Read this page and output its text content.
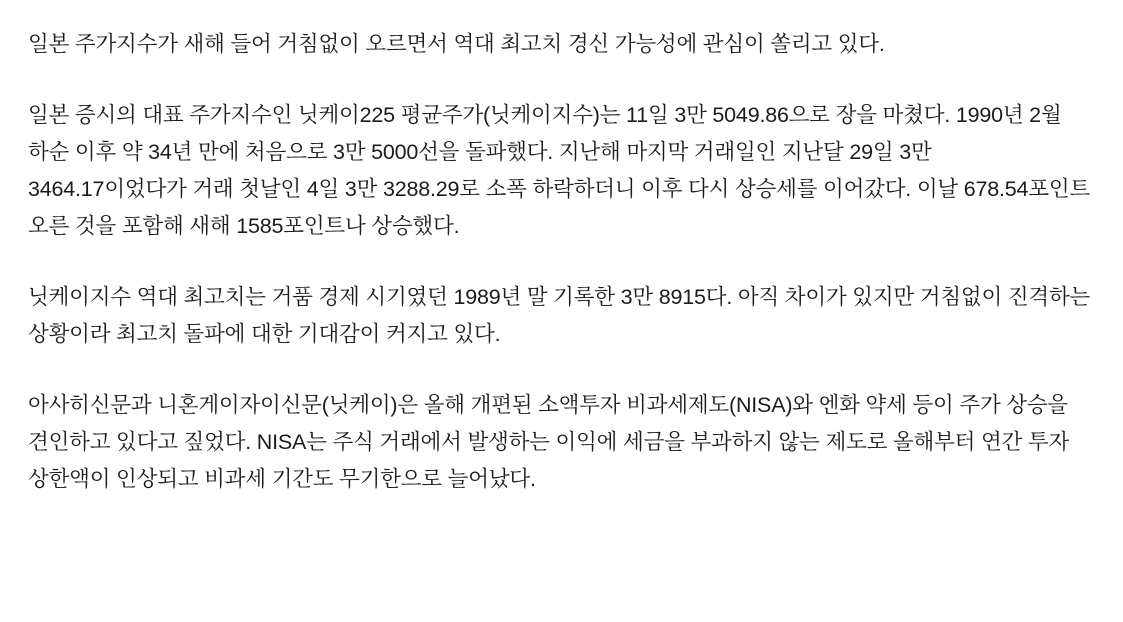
일본 주가지수가 새해 들어 거침없이 오르면서 역대 최고치 경신 가능성에 관심이 쏠리고 있다.

일본 증시의 대표 주가지수인 닛케이225 평균주가(닛케이지수)는 11일 3만 5049.86으로 장을 마쳤다. 1990년 2월 하순 이후 약 34년 만에 처음으로 3만 5000선을 돌파했다. 지난해 마지막 거래일인 지난달 29일 3만 3464.17이었다가 거래 첫날인 4일 3만 3288.29로 소폭 하락하더니 이후 다시 상승세를 이어갔다. 이날 678.54포인트 오른 것을 포함해 새해 1585포인트나 상승했다.

닛케이지수 역대 최고치는 거품 경제 시기였던 1989년 말 기록한 3만 8915다. 아직 차이가 있지만 거침없이 진격하는 상황이라 최고치 돌파에 대한 기대감이 커지고 있다.

아사히신문과 니혼게이자이신문(닛케이)은 올해 개편된 소액투자 비과세제도(NISA)와 엔화 약세 등이 주가 상승을 견인하고 있다고 짚었다. NISA는 주식 거래에서 발생하는 이익에 세금을 부과하지 않는 제도로 올해부터 연간 투자 상한액이 인상되고 비과세 기간도 무기한으로 늘어났다.
